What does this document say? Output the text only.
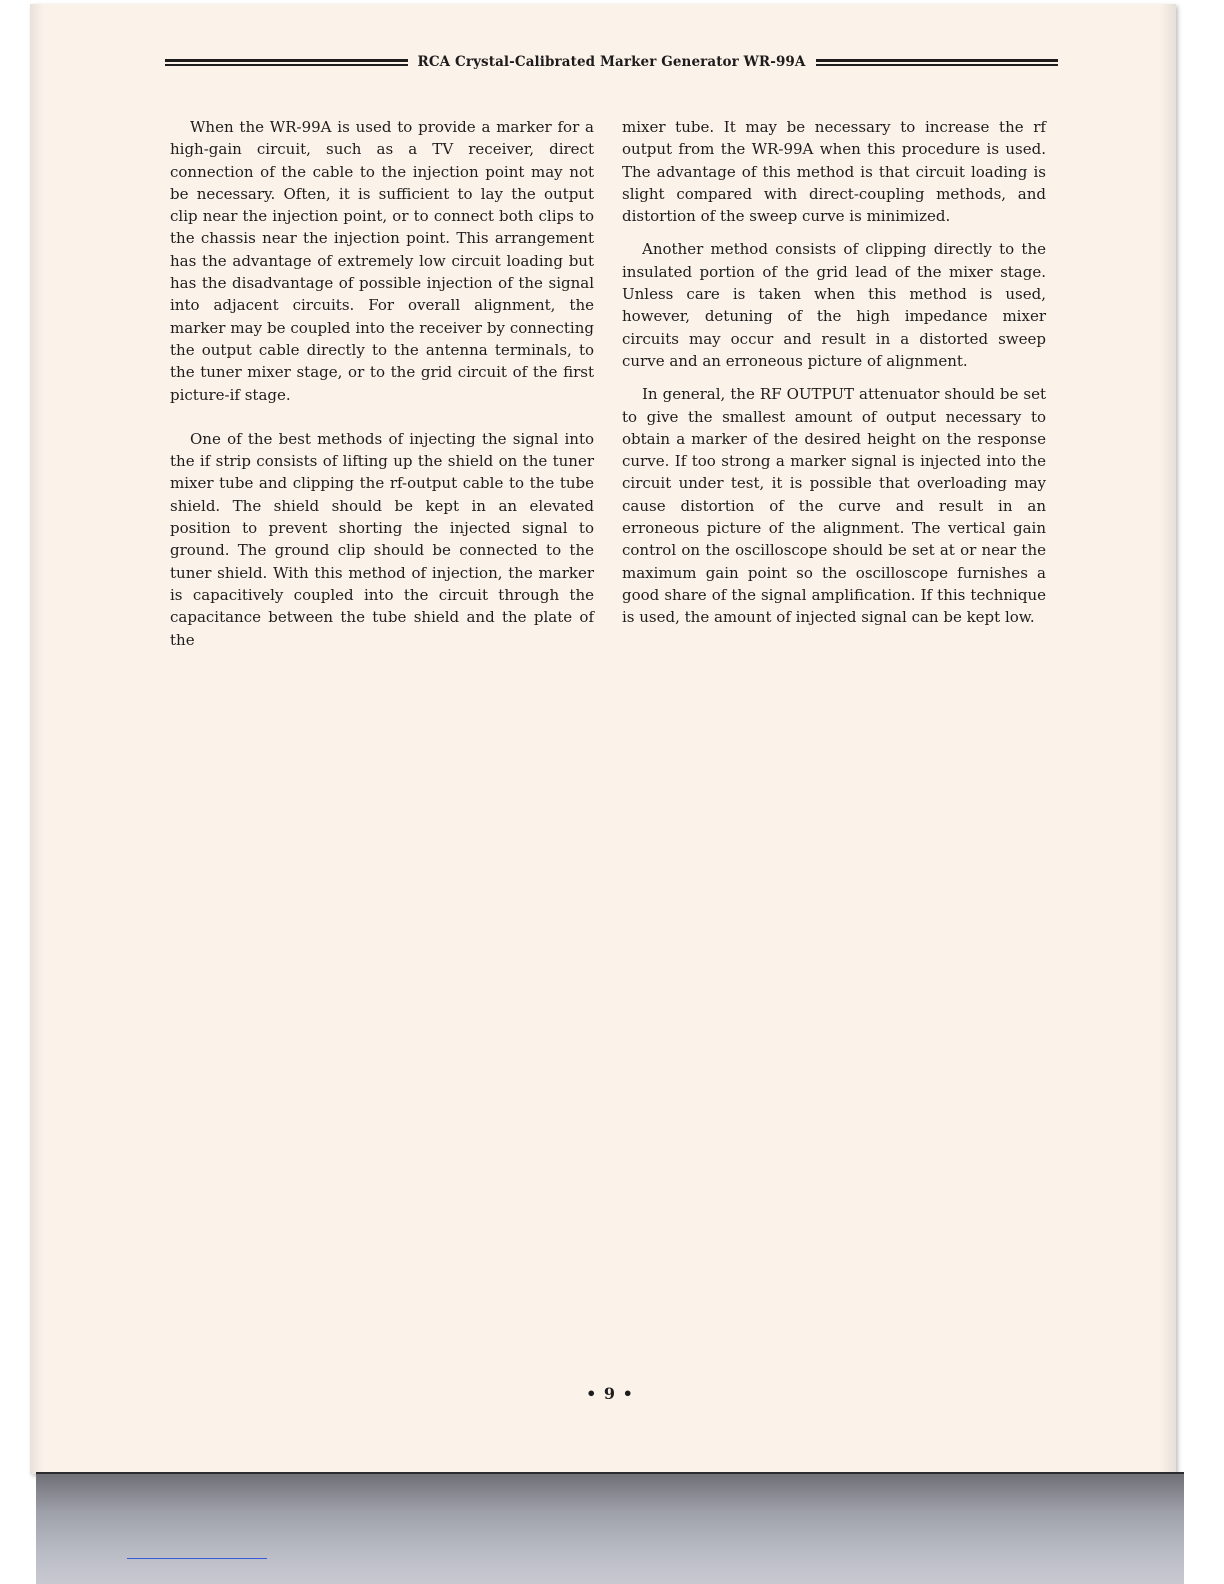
RCA Crystal-Calibrated Marker Generator WR-99A

When the WR-99A is used to provide a marker for a high-gain circuit, such as a TV receiver, direct connection of the cable to the injection point may not be necessary. Often, it is sufficient to lay the output clip near the injection point, or to connect both clips to the chassis near the injection point. This arrangement has the advantage of extremely low circuit loading but has the disadvantage of possible injection of the signal into adjacent circuits. For overall alignment, the marker may be coupled into the receiver by connecting the output cable directly to the antenna terminals, to the tuner mixer stage, or to the grid circuit of the first picture-if stage.

One of the best methods of injecting the signal into the if strip consists of lifting up the shield on the tuner mixer tube and clipping the rf-output cable to the tube shield. The shield should be kept in an elevated position to prevent shorting the injected signal to ground. The ground clip should be connected to the tuner shield. With this method of injection, the marker is capacitively coupled into the circuit through the capacitance between the tube shield and the plate of the

mixer tube. It may be necessary to increase the rf output from the WR-99A when this procedure is used. The advantage of this method is that circuit loading is slight compared with direct-coupling methods, and distortion of the sweep curve is minimized.

Another method consists of clipping directly to the insulated portion of the grid lead of the mixer stage. Unless care is taken when this method is used, however, detuning of the high impedance mixer circuits may occur and result in a distorted sweep curve and an erroneous picture of alignment.

In general, the RF OUTPUT attenuator should be set to give the smallest amount of output necessary to obtain a marker of the desired height on the response curve. If too strong a marker signal is injected into the circuit under test, it is possible that overloading may cause distortion of the curve and result in an erroneous picture of the alignment. The vertical gain control on the oscilloscope should be set at or near the maximum gain point so the oscilloscope furnishes a good share of the signal amplification. If this technique is used, the amount of injected signal can be kept low.

• 9 •
